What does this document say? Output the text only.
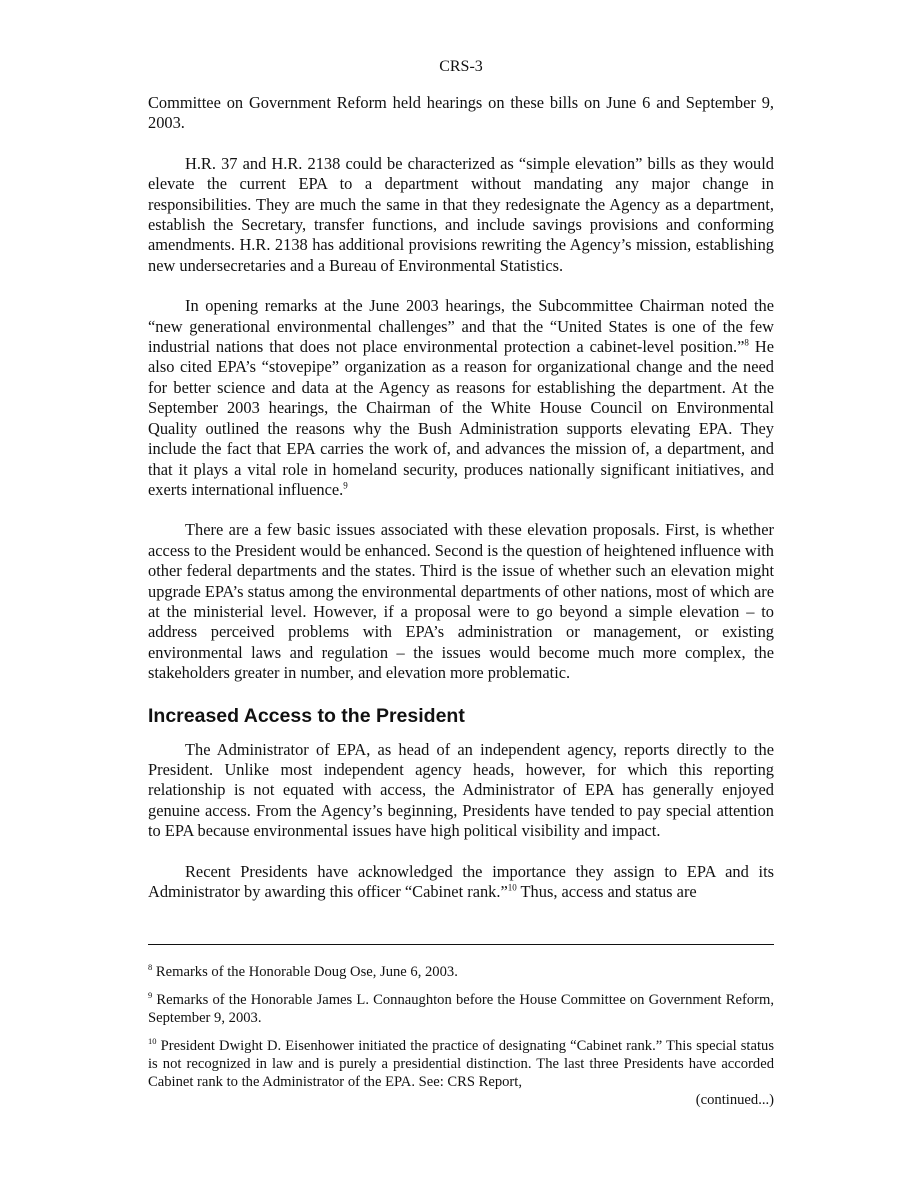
CRS-3

Committee on Government Reform held hearings on these bills on June 6 and September 9, 2003.

H.R. 37 and H.R. 2138 could be characterized as “simple elevation” bills as they would elevate the current EPA to a department without mandating any major change in responsibilities. They are much the same in that they redesignate the Agency as a department, establish the Secretary, transfer functions, and include savings provisions and conforming amendments. H.R. 2138 has additional provisions rewriting the Agency’s mission, establishing new undersecretaries and a Bureau of Environmental Statistics.

In opening remarks at the June 2003 hearings, the Subcommittee Chairman noted the “new generational environmental challenges” and that the “United States is one of the few industrial nations that does not place environmental protection a cabinet-level position.”$^8$ He also cited EPA’s “stovepipe” organization as a reason for organizational change and the need for better science and data at the Agency as reasons for establishing the department. At the September 2003 hearings, the Chairman of the White House Council on Environmental Quality outlined the reasons why the Bush Administration supports elevating EPA. They include the fact that EPA carries the work of, and advances the mission of, a department, and that it plays a vital role in homeland security, produces nationally significant initiatives, and exerts international influence.$^9$

There are a few basic issues associated with these elevation proposals. First, is whether access to the President would be enhanced. Second is the question of heightened influence with other federal departments and the states. Third is the issue of whether such an elevation might upgrade EPA’s status among the environmental departments of other nations, most of which are at the ministerial level. However, if a proposal were to go beyond a simple elevation – to address perceived problems with EPA’s administration or management, or existing environmental laws and regulation – the issues would become much more complex, the stakeholders greater in number, and elevation more problematic.

Increased Access to the President

The Administrator of EPA, as head of an independent agency, reports directly to the President. Unlike most independent agency heads, however, for which this reporting relationship is not equated with access, the Administrator of EPA has generally enjoyed genuine access. From the Agency’s beginning, Presidents have tended to pay special attention to EPA because environmental issues have high political visibility and impact.

Recent Presidents have acknowledged the importance they assign to EPA and its Administrator by awarding this officer “Cabinet rank.”$^{10}$ Thus, access and status are

$^8$ Remarks of the Honorable Doug Ose, June 6, 2003.

$^9$ Remarks of the Honorable James L. Connaughton before the House Committee on Government Reform, September 9, 2003.

$^{10}$ President Dwight D. Eisenhower initiated the practice of designating “Cabinet rank.” This special status is not recognized in law and is purely a presidential distinction. The last three Presidents have accorded Cabinet rank to the Administrator of the EPA. See: CRS Report,

(continued...)
